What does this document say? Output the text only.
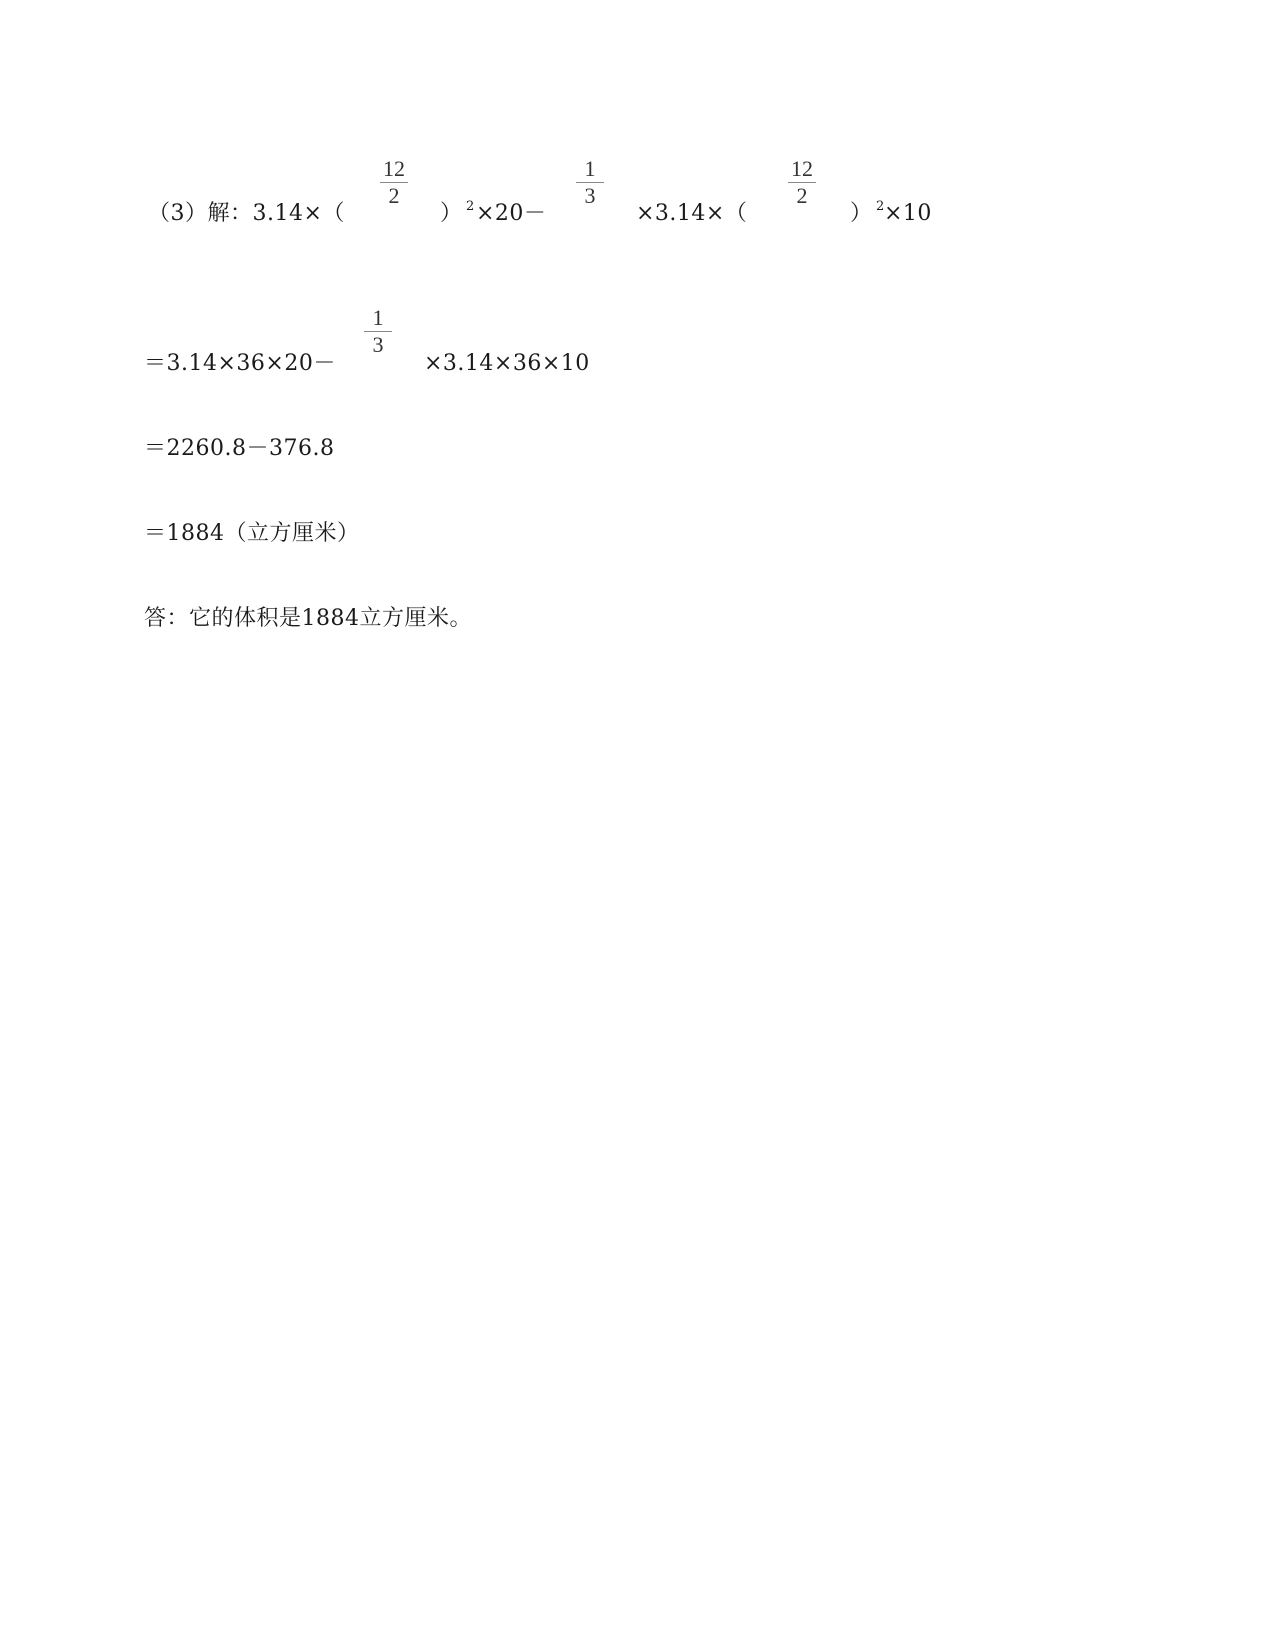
（3）解：3.14×（
12
2
） 2 ×20－
1
3
×3.14×（
12
2
） 2 ×10
＝3.14×36×20－
1
3
×3.14×36×10
＝2260.8－376.8
＝1884（立方厘米）
答：它的体积是1884立方厘米。
